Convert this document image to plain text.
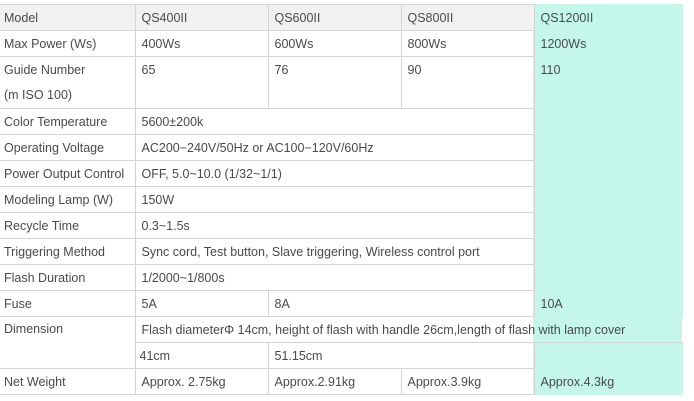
Model	QS400II	QS600II	QS800II	QS1200II
Max Power (Ws)	400Ws	600Ws	800Ws	1200Ws

Guide Number
(m ISO 100)	65	76	90	110
Color Temperature	5600±200k			
Operating Voltage	AC200−240V/50Hz or AC100−120V/60Hz			
Power Output Control	OFF, 5.0~10.0 (1/32~1/1)			
Modeling Lamp (W)	150W			
Recycle Time	0.3~1.5s			
Triggering Method	Sync cord, Test button, Slave triggering, Wireless control port			
Flash Duration	1/2000~1/800s			
Fuse	5A	8A		10A
Dimension	Flash diameterΦ 14cm, height of flash with handle 26cm,length of flash with lamp cover			
	41cm	51.15cm		
Net Weight	Approx. 2.75kg	Approx.2.91kg	Approx.3.9kg	Approx.4.3kg
